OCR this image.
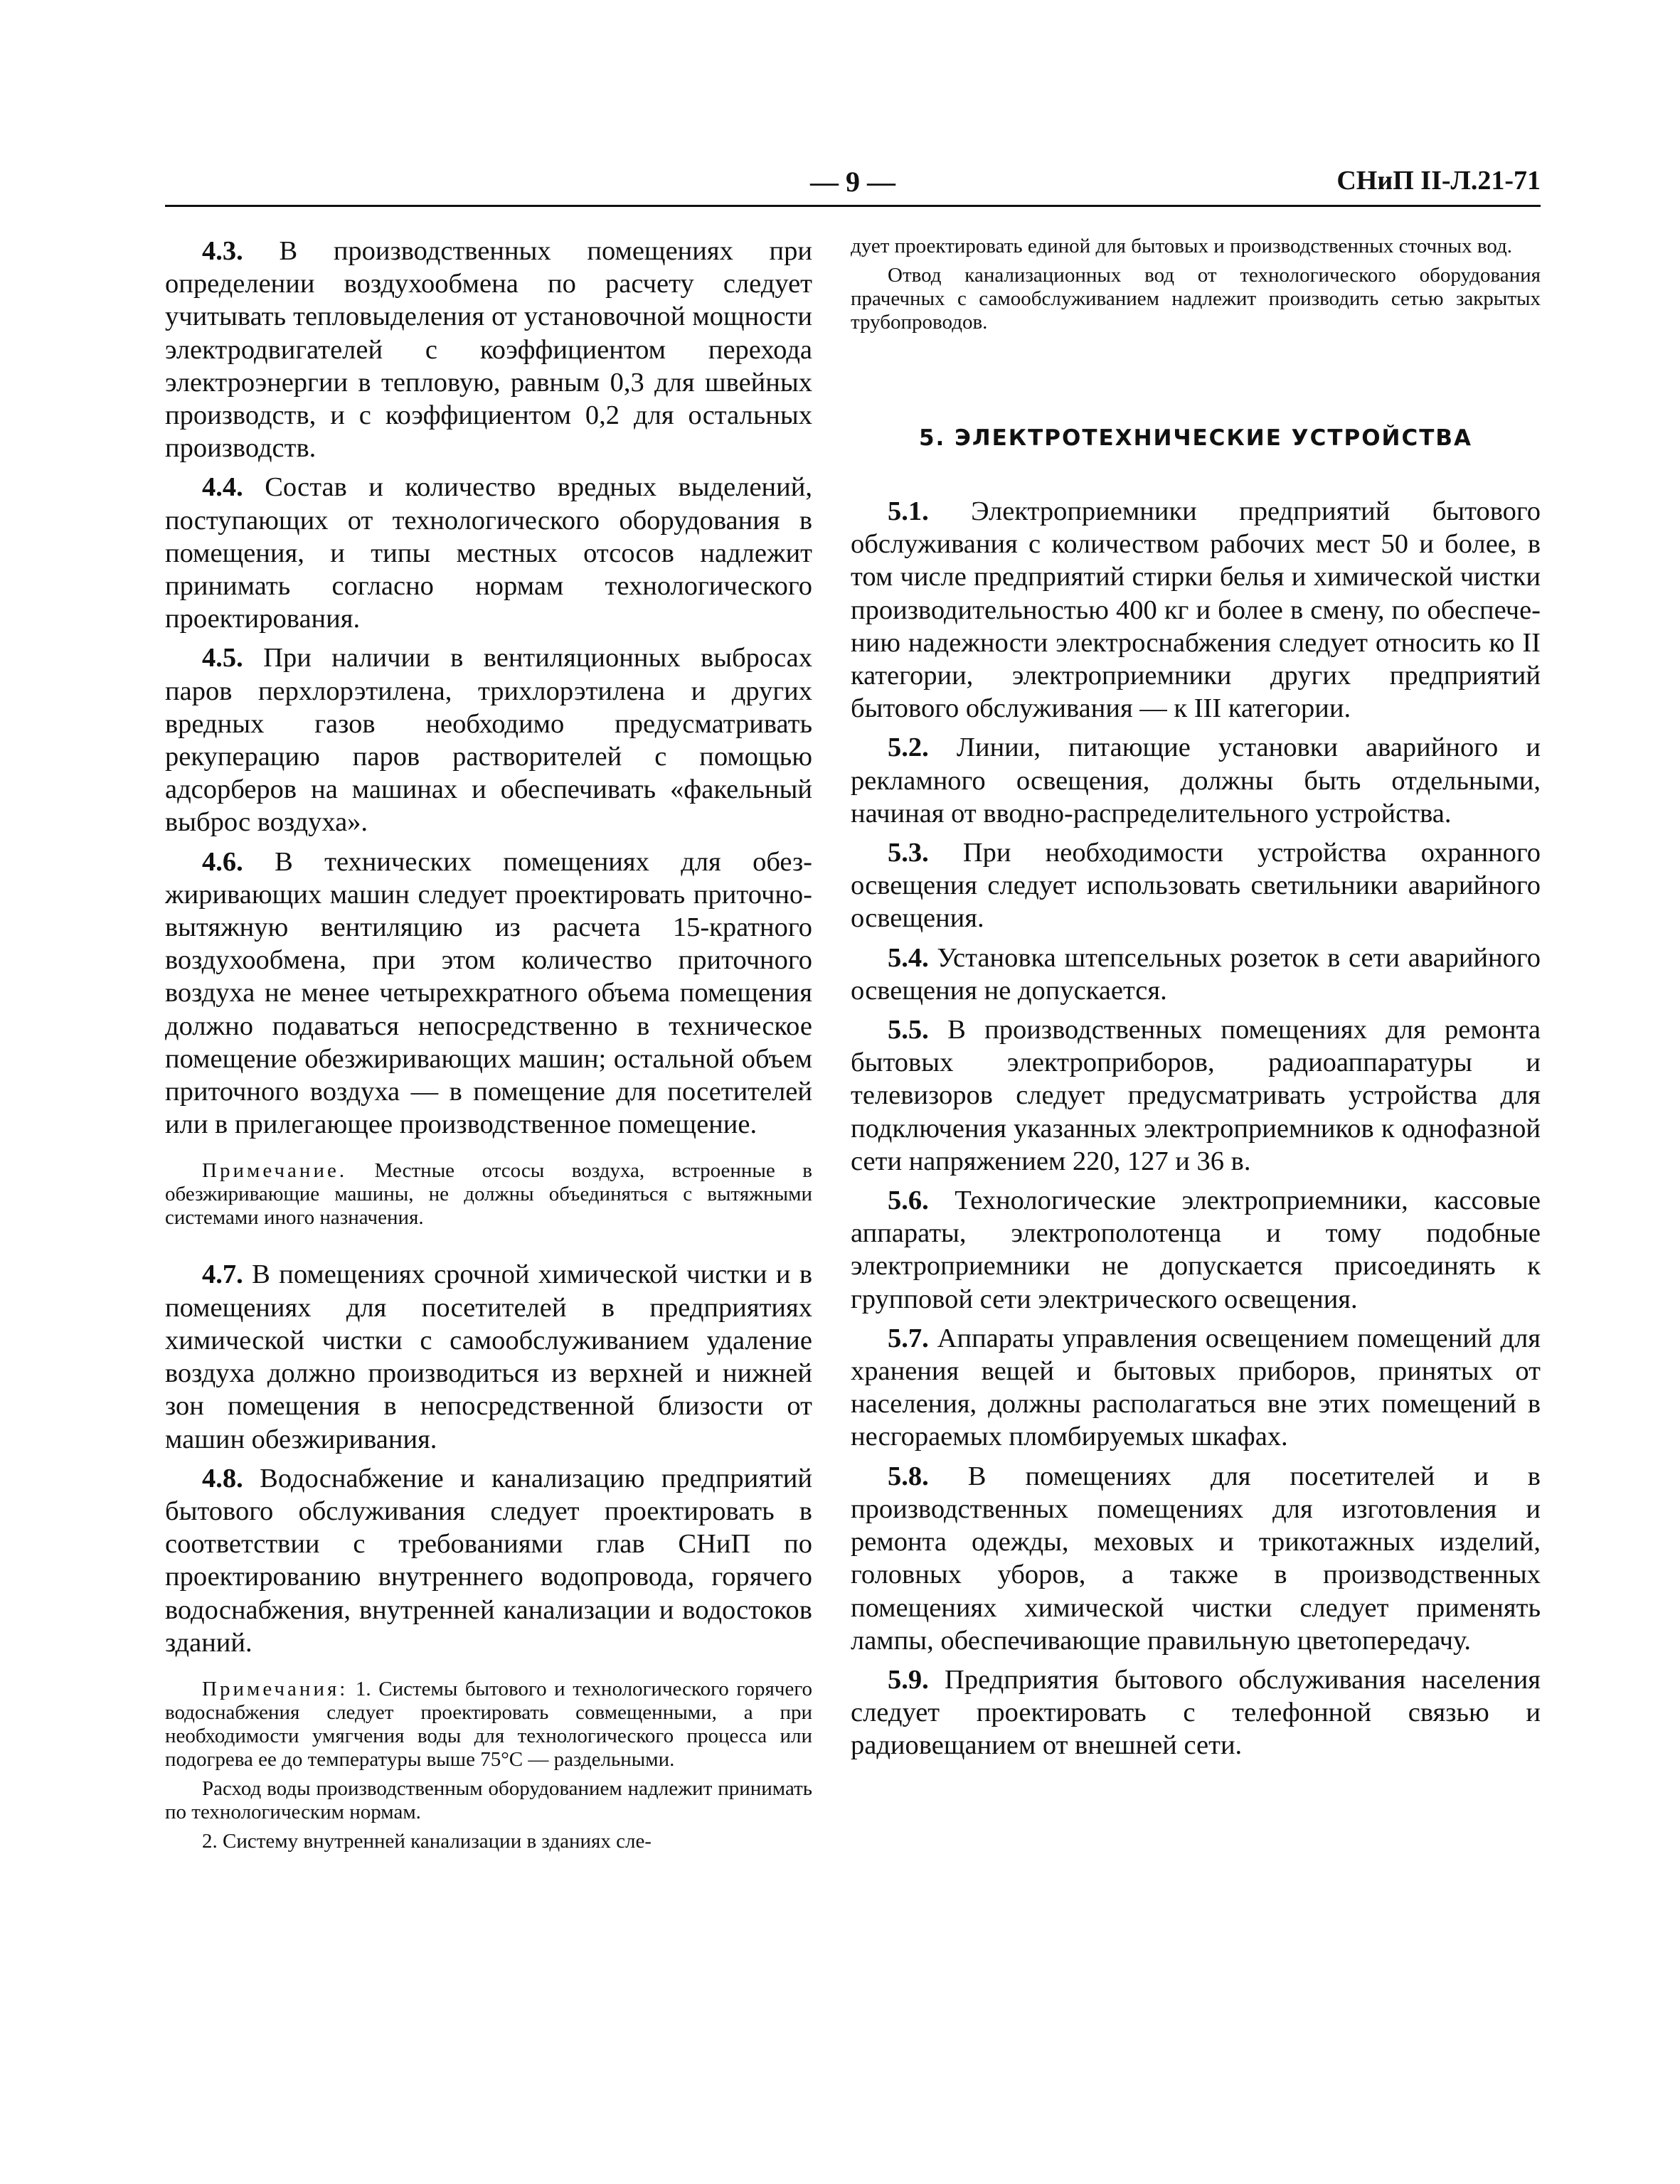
— 9 —	СНиП II-Л.21-71

4.3. В производственных помещениях при определении воздухообмена по расчету следует учитывать тепловыделения от установочной мощности электродвигателей с коэффициентом перехода электроэнергии в тепловую, равным 0,3 для швейных производств, и с коэффициентом 0,2 для остальных производств.

4.4. Состав и количество вредных выделений, поступающих от технологического оборудования в помещения, и типы местных отсосов надлежит принимать согласно нормам технологического проектирования.

4.5. При наличии в вентиляционных выбросах паров перхлорэтилена, трихлорэтилена и других вредных газов необходимо предусматривать рекуперацию паров растворителей с помощью адсорберов на машинах и обеспечивать «факельный выброс воздуха».

4.6. В технических помещениях для обезжиривающих машин следует проектировать приточно-вытяжную вентиляцию из расчета 15-кратного воздухообмена, при этом количество приточного воздуха не менее четырехкратного объема помещения должно подаваться непосредственно в техническое помещение обезжиривающих машин; остальной объем приточного воздуха — в помещение для посетителей или в прилегающее производственное помещение.

Примечание. Местные отсосы воздуха, встроенные в обезжиривающие машины, не должны объединяться с вытяжными системами иного назначения.

4.7. В помещениях срочной химической чистки и в помещениях для посетителей в предприятиях химической чистки с самообслуживанием удаление воздуха должно производиться из верхней и нижней зон помещения в непосредственной близости от машин обезжиривания.

4.8. Водоснабжение и канализацию предприятий бытового обслуживания следует проектировать в соответствии с требованиями глав СНиП по проектированию внутреннего водопровода, горячего водоснабжения, внутренней канализации и водостоков зданий.

Примечания: 1. Системы бытового и технологического горячего водоснабжения следует проектировать совмещенными, а при необходимости умягчения воды для технологического процесса или подогрева ее до температуры выше 75°С — раздельными.

Расход воды производственным оборудованием надлежит принимать по технологическим нормам.

2. Систему внутренней канализации в зданиях сле-

дует проектировать единой для бытовых и производственных сточных вод.

Отвод канализационных вод от технологического оборудования прачечных с самообслуживанием надлежит производить сетью закрытых трубопроводов.

5. ЭЛЕКТРОТЕХНИЧЕСКИЕ УСТРОЙСТВА

5.1. Электроприемники предприятий бытового обслуживания с количеством рабочих мест 50 и более, в том числе предприятий стирки белья и химической чистки производительностью 400 кг и более в смену, по обеспечению надежности электроснабжения следует относить ко II категории, электроприемники других предприятий бытового обслуживания — к III категории.

5.2. Линии, питающие установки аварийного и рекламного освещения, должны быть отдельными, начиная от вводно-распределительного устройства.

5.3. При необходимости устройства охранного освещения следует использовать светильники аварийного освещения.

5.4. Установка штепсельных розеток в сети аварийного освещения не допускается.

5.5. В производственных помещениях для ремонта бытовых электроприборов, радиоаппаратуры и телевизоров следует предусматривать устройства для подключения указанных электроприемников к однофазной сети напряжением 220, 127 и 36 в.

5.6. Технологические электроприемники, кассовые аппараты, электрополотенца и тому подобные электроприемники не допускается присоединять к групповой сети электрического освещения.

5.7. Аппараты управления освещением помещений для хранения вещей и бытовых приборов, принятых от населения, должны располагаться вне этих помещений в несгораемых пломбируемых шкафах.

5.8. В помещениях для посетителей и в производственных помещениях для изготовления и ремонта одежды, меховых и трикотажных изделий, головных уборов, а также в производственных помещениях химической чистки следует применять лампы, обеспечивающие правильную цветопередачу.

5.9. Предприятия бытового обслуживания населения следует проектировать с телефонной связью и радиовещанием от внешней сети.
